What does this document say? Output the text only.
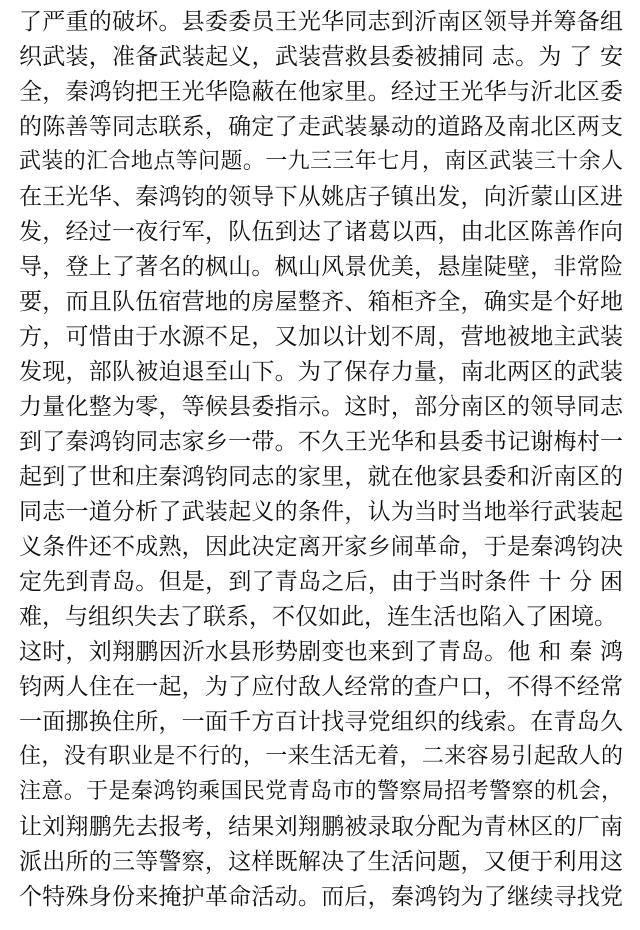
了严重的破坏。县委委员王光华同志到沂南区领导并筹备组
织武装，准备武装起义，武装营救县委被捕同 志。为 了 安
全，秦鸿钧把王光华隐蔽在他家里。经过王光华与沂北区委
的陈善等同志联系，确定了走武装暴动的道路及南北区两支
武装的汇合地点等问题。一九三三年七月，南区武装三十余人
在王光华、秦鸿钧的领导下从姚店子镇出发，向沂蒙山区进
发，经过一夜行军，队伍到达了诸葛以西，由北区陈善作向
导，登上了著名的枫山。枫山风景优美，悬崖陡壁，非常险
要，而且队伍宿营地的房屋整齐、箱柜齐全，确实是个好地
方，可惜由于水源不足，又加以计划不周，营地被地主武装
发现，部队被迫退至山下。为了保存力量，南北两区的武装
力量化整为零，等候县委指示。这时，部分南区的领导同志
到了秦鸿钧同志家乡一带。不久王光华和县委书记谢梅村一
起到了世和庄秦鸿钧同志的家里，就在他家县委和沂南区的
同志一道分析了武装起义的条件，认为当时当地举行武装起
义条件还不成熟，因此决定离开家乡闹革命，于是秦鸿钧决
定先到青岛。但是，到了青岛之后，由于当时条件 十 分 困
难，与组织失去了联系，不仅如此，连生活也陷入了困境。
这时，刘翔鹏因沂水县形势剧变也来到了青岛。他 和 秦 鸿
钧两人住在一起，为了应付敌人经常的查户口，不得不经常
一面挪换住所，一面千方百计找寻党组织的线索。在青岛久
住，没有职业是不行的，一来生活无着，二来容易引起敌人的
注意。于是秦鸿钧乘国民党青岛市的警察局招考警察的机会，
让刘翔鹏先去报考，结果刘翔鹏被录取分配为青林区的厂南
派出所的三等警察，这样既解决了生活问题，又便于利用这
个特殊身份来掩护革命活动。而后，秦鸿钧为了继续寻找党
